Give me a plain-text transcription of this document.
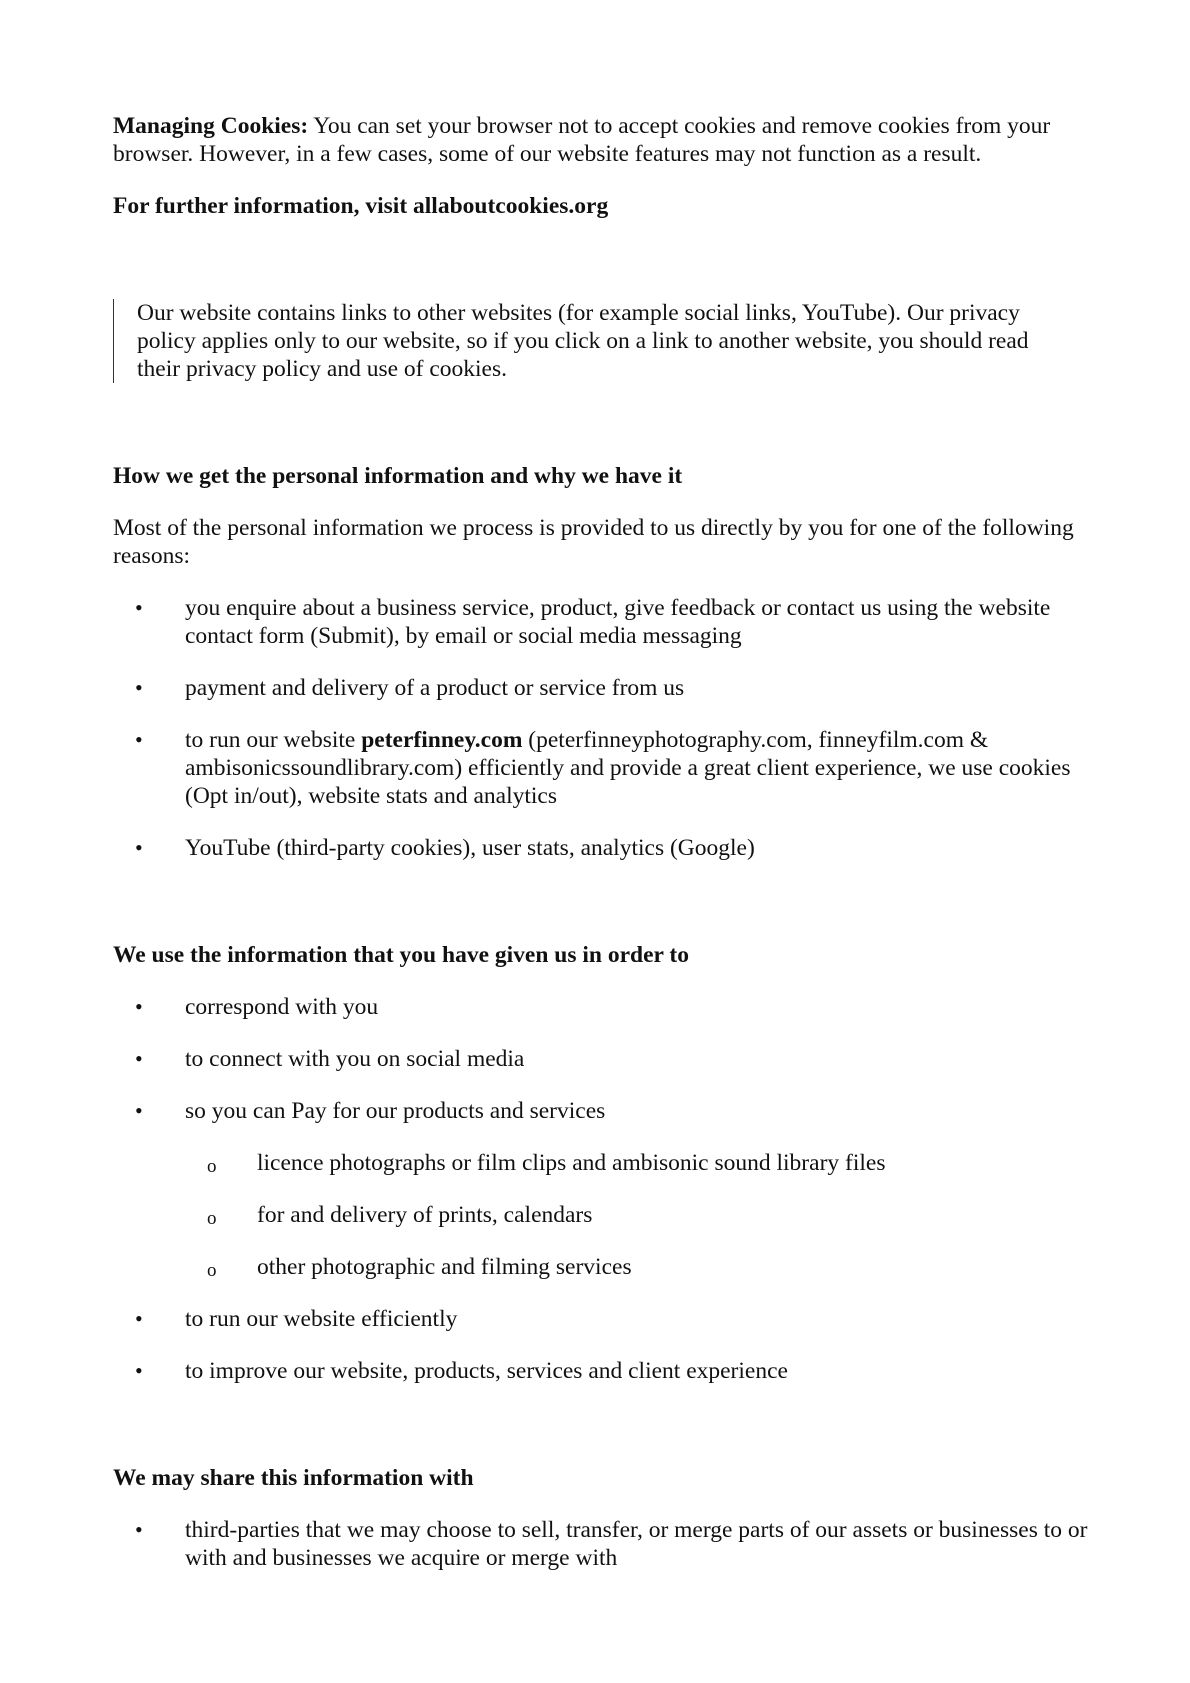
Managing Cookies: You can set your browser not to accept cookies and remove cookies from your browser. However, in a few cases, some of our website features may not function as a result.

For further information, visit allaboutcookies.org

Our website contains links to other websites (for example social links, YouTube). Our privacy policy applies only to our website, so if you click on a link to another website, you should read their privacy policy and use of cookies.

How we get the personal information and why we have it

Most of the personal information we process is provided to us directly by you for one of the following reasons:

• you enquire about a business service, product, give feedback or contact us using the website contact form (Submit), by email or social media messaging
• payment and delivery of a product or service from us
• to run our website peterfinney.com (peterfinneyphotography.com, finneyfilm.com & ambisonicssoundlibrary.com) efficiently and provide a great client experience, we use cookies (Opt in/out), website stats and analytics
• YouTube (third-party cookies), user stats, analytics (Google)

We use the information that you have given us in order to

• correspond with you
• to connect with you on social media
• so you can Pay for our products and services
o licence photographs or film clips and ambisonic sound library files
o for and delivery of prints, calendars
o other photographic and filming services
• to run our website efficiently
• to improve our website, products, services and client experience

We may share this information with

• third-parties that we may choose to sell, transfer, or merge parts of our assets or businesses to or with and businesses we acquire or merge with
